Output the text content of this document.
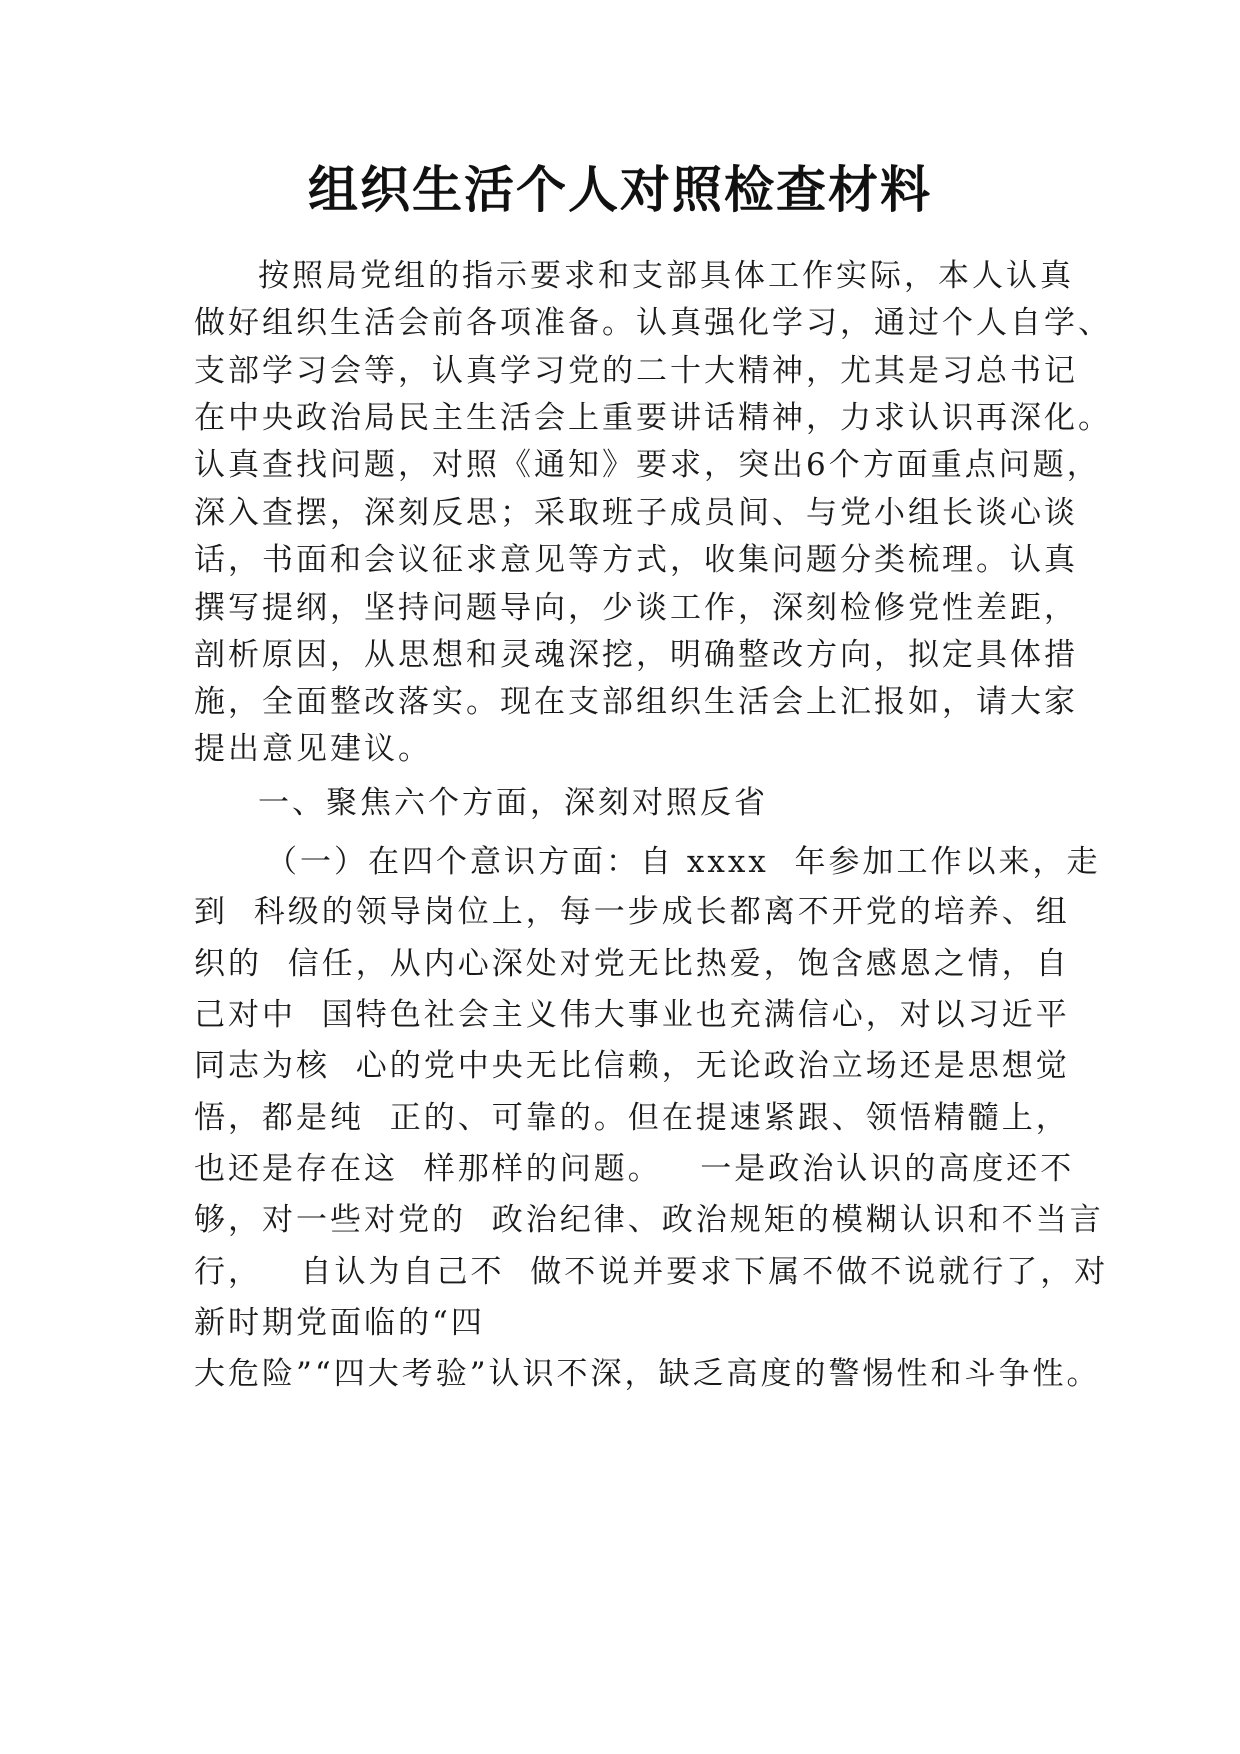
组织生活个人对照检查材料
按照局党组的指示要求和支部具体工作实际，本人认真
做好组织生活会前各项准备。认真强化学习，通过个人自学、
支部学习会等，认真学习党的二十大精神，尤其是习总书记
在中央政治局民主生活会上重要讲话精神，力求认识再深化。
认真查找问题，对照《通知》要求，突出6个方面重点问题，
深入查摆，深刻反思；采取班子成员间、与党小组长谈心谈
话，书面和会议征求意见等方式，收集问题分类梳理。认真
撰写提纲，坚持问题导向，少谈工作，深刻检修党性差距，
剖析原因，从思想和灵魂深挖，明确整改方向，拟定具体措
施，全面整改落实。现在支部组织生活会上汇报如，请大家
提出意见建议。
一、聚焦六个方面，深刻对照反省
（一）在四个意识方面：自 xxxx  年参加工作以来，走
到  科级的领导岗位上，每一步成长都离不开党的培养、组
织的  信任，从内心深处对党无比热爱，饱含感恩之情，自
己对中  国特色社会主义伟大事业也充满信心，对以习近平
同志为核  心的党中央无比信赖，无论政治立场还是思想觉
悟，都是纯  正的、可靠的。但在提速紧跟、领悟精髓上，
也还是存在这  样那样的问题。   一是政治认识的高度还不
够，对一些对党的  政治纪律、政治规矩的模糊认识和不当言
行，   自认为自己不  做不说并要求下属不做不说就行了，对
新时期党面临的“四
大危险”“四大考验”认识不深，缺乏高度的警惕性和斗争性。
